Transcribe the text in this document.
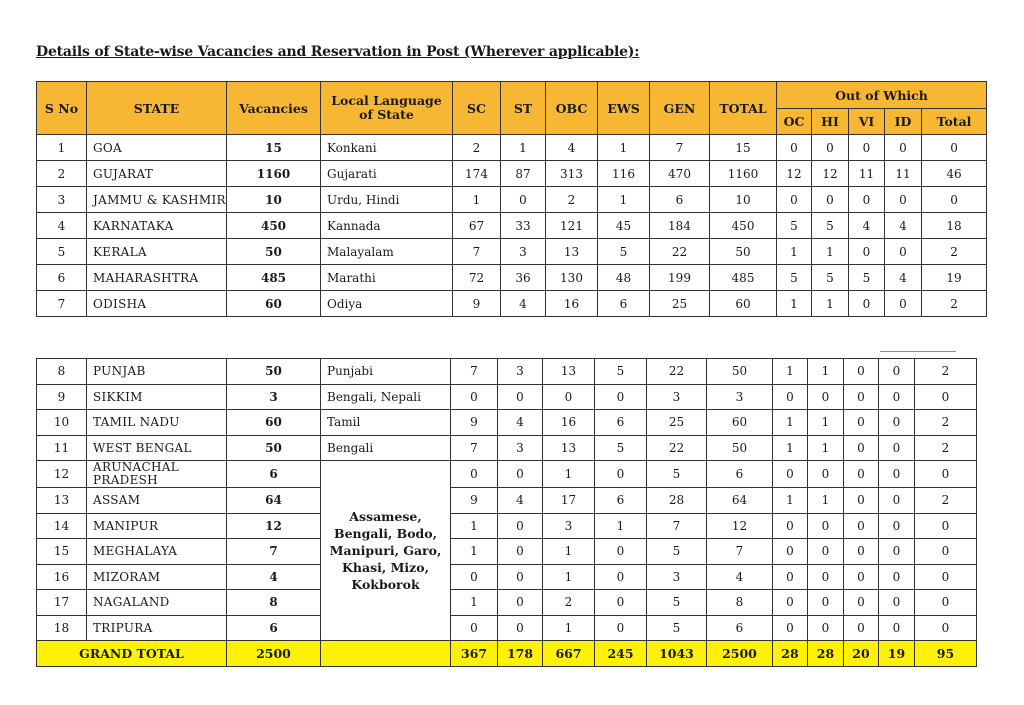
Details of State-wise Vacancies and Reservation in Post (Wherever applicable):
S No	STATE	Vacancies	Local Language of State	SC	ST	OBC	EWS	GEN	TOTAL	Out of Which				
										OC	HI	VI	ID	Total
1	GOA	15	Konkani	2	1	4	1	7	15	0	0	0	0	0
2	GUJARAT	1160	Gujarati	174	87	313	116	470	1160	12	12	11	11	46
3	JAMMU & KASHMIR	10	Urdu, Hindi	1	0	2	1	6	10	0	0	0	0	0
4	KARNATAKA	450	Kannada	67	33	121	45	184	450	5	5	4	4	18
5	KERALA	50	Malayalam	7	3	13	5	22	50	1	1	0	0	2
6	MAHARASHTRA	485	Marathi	72	36	130	48	199	485	5	5	5	4	19
7	ODISHA	60	Odiya	9	4	16	6	25	60	1	1	0	0	2
8	PUNJAB	50	Punjabi	7	3	13	5	22	50	1	1	0	0	2
9	SIKKIM	3	Bengali, Nepali	0	0	0	0	3	3	0	0	0	0	0
10	TAMIL NADU	60	Tamil	9	4	16	6	25	60	1	1	0	0	2
11	WEST BENGAL	50	Bengali	7	3	13	5	22	50	1	1	0	0	2
12	ARUNACHAL PRADESH	6	Assamese, Bengali, Bodo, Manipuri, Garo, Khasi, Mizo, Kokborok	0	0	1	0	5	6	0	0	0	0	0
13	ASSAM	64		9	4	17	6	28	64	1	1	0	0	2
14	MANIPUR	12		1	0	3	1	7	12	0	0	0	0	0
15	MEGHALAYA	7		1	0	1	0	5	7	0	0	0	0	0
16	MIZORAM	4		0	0	1	0	3	4	0	0	0	0	0
17	NAGALAND	8		1	0	2	0	5	8	0	0	0	0	0
18	TRIPURA	6		0	0	1	0	5	6	0	0	0	0	0
GRAND TOTAL		2500		367	178	667	245	1043	2500	28	28	20	19	95
